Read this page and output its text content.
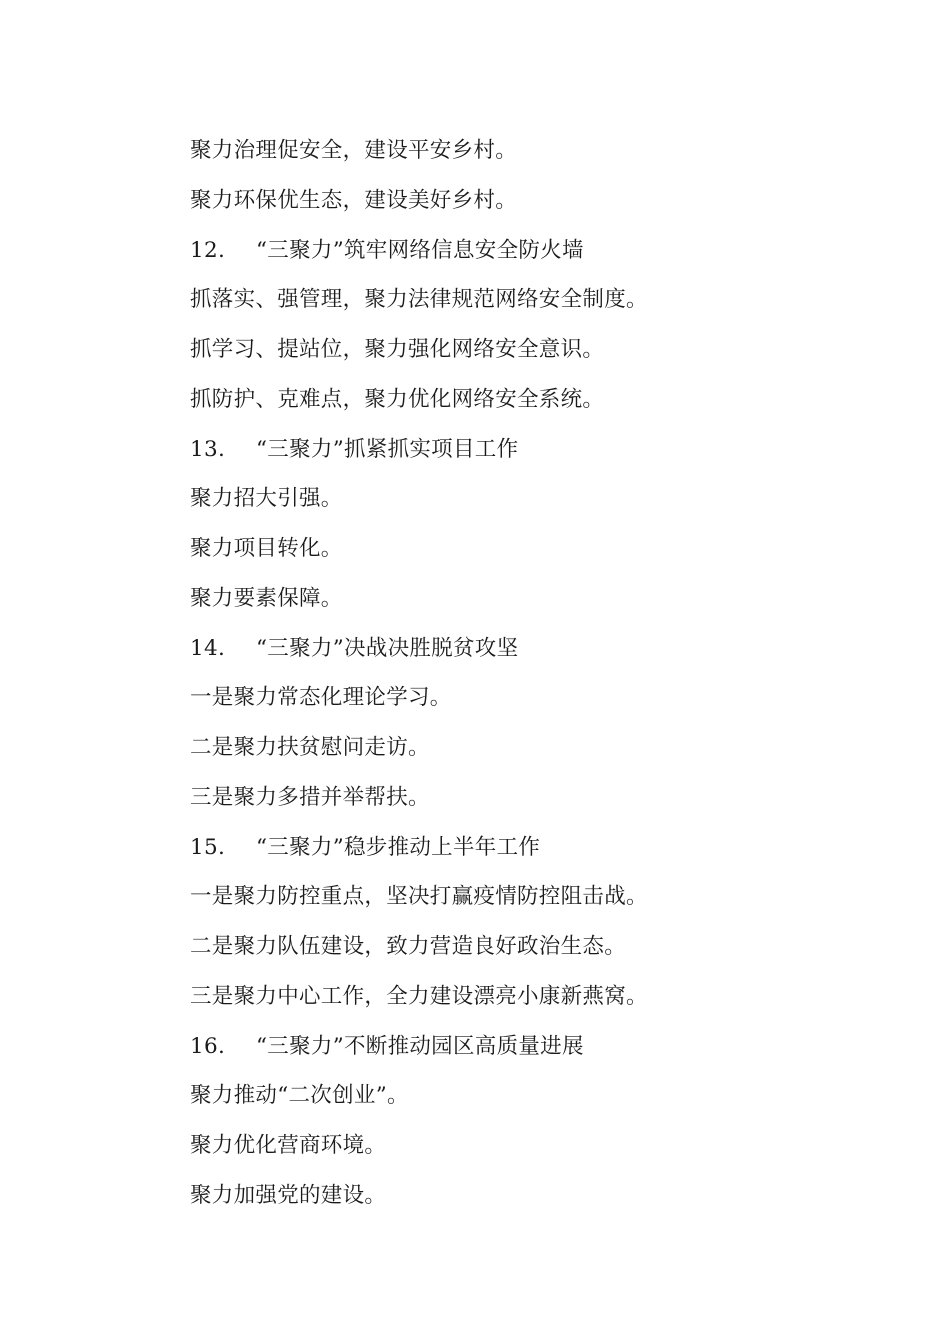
聚力治理促安全，建设平安乡村。
聚力环保优生态，建设美好乡村。
12. “三聚力”筑牢网络信息安全防火墙
抓落实、强管理，聚力法律规范网络安全制度。
抓学习、提站位，聚力强化网络安全意识。
抓防护、克难点，聚力优化网络安全系统。
13. “三聚力”抓紧抓实项目工作
聚力招大引强。
聚力项目转化。
聚力要素保障。
14. “三聚力”决战决胜脱贫攻坚
一是聚力常态化理论学习。
二是聚力扶贫慰问走访。
三是聚力多措并举帮扶。
15. “三聚力”稳步推动上半年工作
一是聚力防控重点，坚决打赢疫情防控阻击战。
二是聚力队伍建设，致力营造良好政治生态。
三是聚力中心工作，全力建设漂亮小康新燕窝。
16. “三聚力”不断推动园区高质量进展
聚力推动“二次创业”。
聚力优化营商环境。
聚力加强党的建设。
